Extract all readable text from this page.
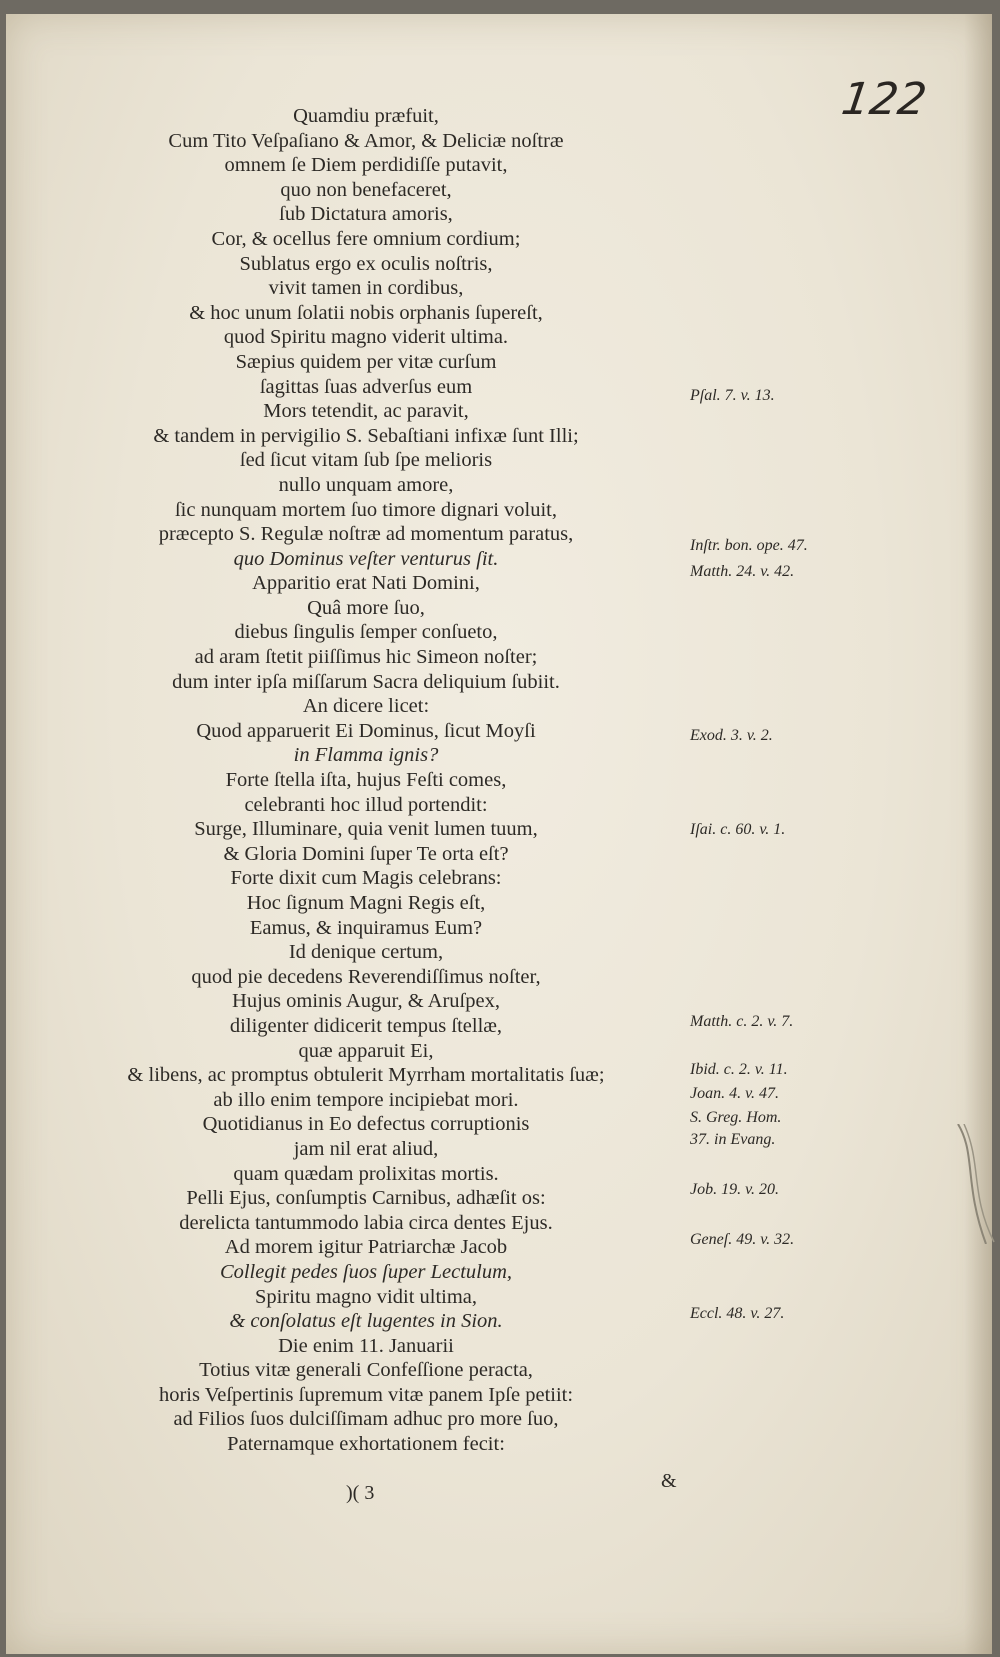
122
Quamdiu præfuit,
Cum Tito Veſpaſiano & Amor, & Deliciæ noſtræ
omnem ſe Diem perdidiſſe putavit,
quo non benefaceret,
ſub Dictatura amoris,
Cor, & ocellus fere omnium cordium;
Sublatus ergo ex oculis noſtris,
vivit tamen in cordibus,
& hoc unum ſolatii nobis orphanis ſupereſt,
quod Spiritu magno viderit ultima.
Sæpius quidem per vitæ curſum
ſagittas ſuas adverſus eum
Mors tetendit, ac paravit,
& tandem in pervigilio S. Sebaſtiani infixæ ſunt Illi;
ſed ſicut vitam ſub ſpe melioris
nullo unquam amore,
ſic nunquam mortem ſuo timore dignari voluit,
præcepto S. Regulæ noſtræ ad momentum paratus,
quo Dominus veſter venturus ſit.
Apparitio erat Nati Domini,
Quâ more ſuo,
diebus ſingulis ſemper conſueto,
ad aram ſtetit piiſſimus hic Simeon noſter;
dum inter ipſa miſſarum Sacra deliquium ſubiit.
An dicere licet:
Quod apparuerit Ei Dominus, ſicut Moyſi
in Flamma ignis?
Forte ſtella iſta, hujus Feſti comes,
celebranti hoc illud portendit:
Surge, Illuminare, quia venit lumen tuum,
& Gloria Domini ſuper Te orta eſt?
Forte dixit cum Magis celebrans:
Hoc ſignum Magni Regis eſt,
Eamus, & inquiramus Eum?
Id denique certum,
quod pie decedens Reverendiſſimus noſter,
Hujus ominis Augur, & Aruſpex,
diligenter didicerit tempus ſtellæ,
quæ apparuit Ei,
& libens, ac promptus obtulerit Myrrham mortalitatis ſuæ;
ab illo enim tempore incipiebat mori.
Quotidianus in Eo defectus corruptionis
jam nil erat aliud,
quam quædam prolixitas mortis.
Pelli Ejus, conſumptis Carnibus, adhæſit os:
derelicta tantummodo labia circa dentes Ejus.
Ad morem igitur Patriarchæ Jacob
Collegit pedes ſuos ſuper Lectulum,
Spiritu magno vidit ultima,
& conſolatus eſt lugentes in Sion.
Die enim 11. Januarii
Totius vitæ generali Confeſſione peracta,
horis Veſpertinis ſupremum vitæ panem Ipſe petiit:
ad Filios ſuos dulciſſimam adhuc pro more ſuo,
Paternamque exhortationem fecit:
Pſal. 7. v. 13.
Inſtr. bon. ope. 47.
Matth. 24. v. 42.
Exod. 3. v. 2.
Iſai. c. 60. v. 1.
Matth. c. 2. v. 7.
Ibid. c. 2. v. 11.
Joan. 4. v. 47.
S. Greg. Hom.
37. in Evang.
Job. 19. v. 20.
Geneſ. 49. v. 32.
Eccl. 48. v. 27.
&
)( 3
